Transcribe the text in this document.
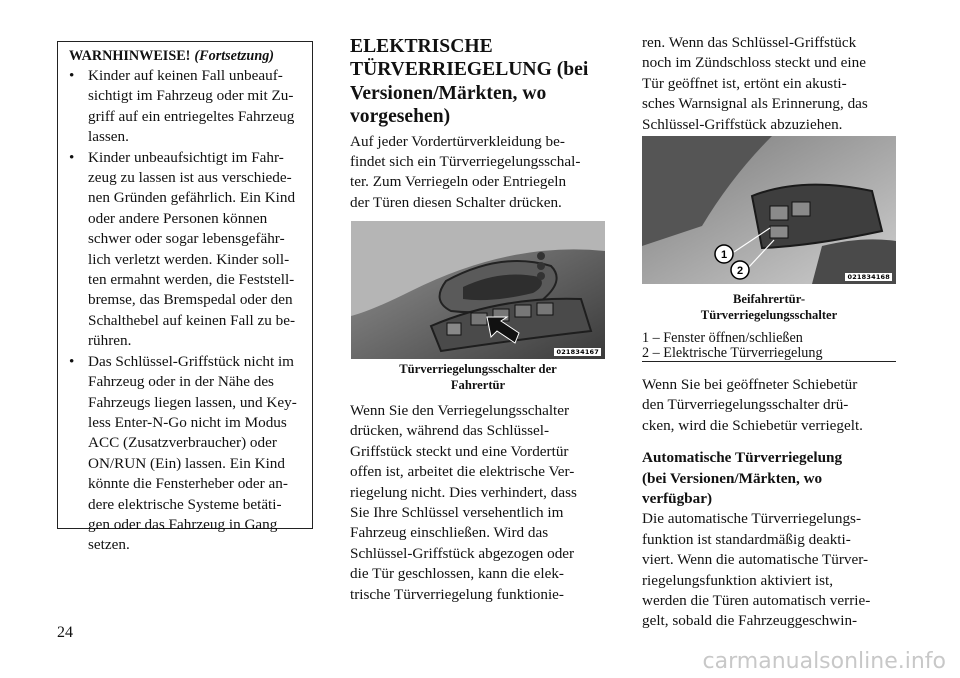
WARNHINWEISE! (Fortsetzung)
• Kinder auf keinen Fall unbeauf-
sichtigt im Fahrzeug oder mit Zu-
griff auf ein entriegeltes Fahrzeug
lassen.

• Kinder unbeaufsichtigt im Fahr-
zeug zu lassen ist aus verschiede-
nen Gründen gefährlich. Ein Kind
oder andere Personen können
schwer oder sogar lebensgefähr-
lich verletzt werden. Kinder soll-
ten ermahnt werden, die Feststell-
bremse, das Bremspedal oder den
Schalthebel auf keinen Fall zu be-
rühren.

• Das Schlüssel-Griffstück nicht im
Fahrzeug oder in der Nähe des
Fahrzeugs liegen lassen, und Key-
less Enter-N-Go nicht im Modus
ACC (Zusatzverbraucher) oder
ON/RUN (Ein) lassen. Ein Kind
könnte die Fensterheber oder an-
dere elektrische Systeme betäti-
gen oder das Fahrzeug in Gang
setzen.

ELEKTRISCHE
TÜRVERRIEGELUNG (bei
Versionen/Märkten, wo
vorgesehen)

Auf jeder Vordertürverkleidung be-
findet sich ein Türverriegelungsschal-
ter. Zum Verriegeln oder Entriegeln
der Türen diesen Schalter drücken.

021834167

Türverriegelungsschalter der
Fahrertür

Wenn Sie den Verriegelungsschalter
drücken, während das Schlüssel-
Griffstück steckt und eine Vordertür
offen ist, arbeitet die elektrische Ver-
riegelung nicht. Dies verhindert, dass
Sie Ihre Schlüssel versehentlich im
Fahrzeug einschließen. Wird das
Schlüssel-Griffstück abgezogen oder
die Tür geschlossen, kann die elek-
trische Türverriegelung funktionie-

ren. Wenn das Schlüssel-Griffstück
noch im Zündschloss steckt und eine
Tür geöffnet ist, ertönt ein akusti-
sches Warnsignal als Erinnerung, das
Schlüssel-Griffstück abzuziehen.

1
2	021834168

Beifahrertür-
Türverriegelungsschalter

1 – Fenster öffnen/schließen
2 – Elektrische Türverriegelung

Wenn Sie bei geöffneter Schiebetür
den Türverriegelungsschalter drü-
cken, wird die Schiebetür verriegelt.

Automatische Türverriegelung
(bei Versionen/Märkten, wo
verfügbar)

Die automatische Türverriegelungs-
funktion ist standardmäßig deakti-
viert. Wenn die automatische Türver-
riegelungsfunktion aktiviert ist,
werden die Türen automatisch verrie-
gelt, sobald die Fahrzeuggeschwin-

24
carmanualsonline.info
